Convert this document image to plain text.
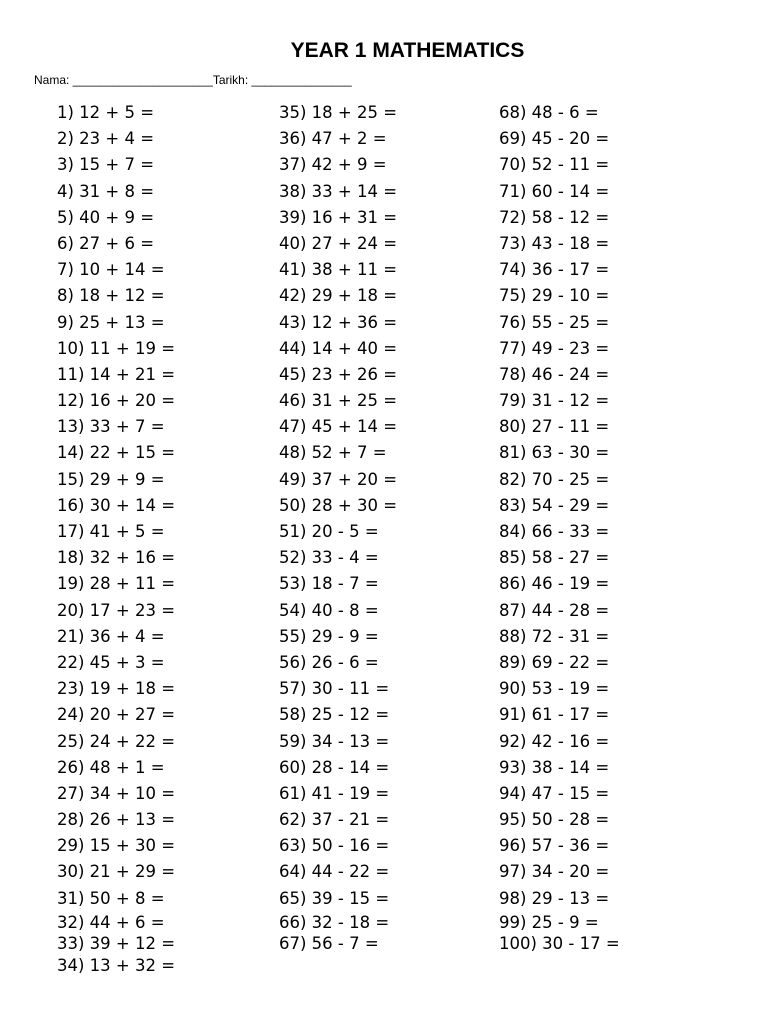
YEAR 1 MATHEMATICS
Nama: _____________________Tarikh: _______________
1) 12 + 5 =
2) 23 + 4 =
3) 15 + 7 =
4) 31 + 8 =
5) 40 + 9 =
6) 27 + 6 =
7) 10 + 14 =
8) 18 + 12 =
9) 25 + 13 =
10) 11 + 19 =
11) 14 + 21 =
12) 16 + 20 =
13) 33 + 7 =
14) 22 + 15 =
15) 29 + 9 =
16) 30 + 14 =
17) 41 + 5 =
18) 32 + 16 =
19) 28 + 11 =
20) 17 + 23 =
21) 36 + 4 =
22) 45 + 3 =
23) 19 + 18 =
24) 20 + 27 =
25) 24 + 22 =
26) 48 + 1 =
27) 34 + 10 =
28) 26 + 13 =
29) 15 + 30 =
30) 21 + 29 =
31) 50 + 8 =
32) 44 + 6 =
33) 39 + 12 =
34) 13 + 32 =
35) 18 + 25 =
36) 47 + 2 =
37) 42 + 9 =
38) 33 + 14 =
39) 16 + 31 =
40) 27 + 24 =
41) 38 + 11 =
42) 29 + 18 =
43) 12 + 36 =
44) 14 + 40 =
45) 23 + 26 =
46) 31 + 25 =
47) 45 + 14 =
48) 52 + 7 =
49) 37 + 20 =
50) 28 + 30 =
51) 20 - 5 =
52) 33 - 4 =
53) 18 - 7 =
54) 40 - 8 =
55) 29 - 9 =
56) 26 - 6 =
57) 30 - 11 =
58) 25 - 12 =
59) 34 - 13 =
60) 28 - 14 =
61) 41 - 19 =
62) 37 - 21 =
63) 50 - 16 =
64) 44 - 22 =
65) 39 - 15 =
66) 32 - 18 =
67) 56 - 7 =
68) 48 - 6 =
69) 45 - 20 =
70) 52 - 11 =
71) 60 - 14 =
72) 58 - 12 =
73) 43 - 18 =
74) 36 - 17 =
75) 29 - 10 =
76) 55 - 25 =
77) 49 - 23 =
78) 46 - 24 =
79) 31 - 12 =
80) 27 - 11 =
81) 63 - 30 =
82) 70 - 25 =
83) 54 - 29 =
84) 66 - 33 =
85) 58 - 27 =
86) 46 - 19 =
87) 44 - 28 =
88) 72 - 31 =
89) 69 - 22 =
90) 53 - 19 =
91) 61 - 17 =
92) 42 - 16 =
93) 38 - 14 =
94) 47 - 15 =
95) 50 - 28 =
96) 57 - 36 =
97) 34 - 20 =
98) 29 - 13 =
99) 25 - 9 =
100) 30 - 17 =
